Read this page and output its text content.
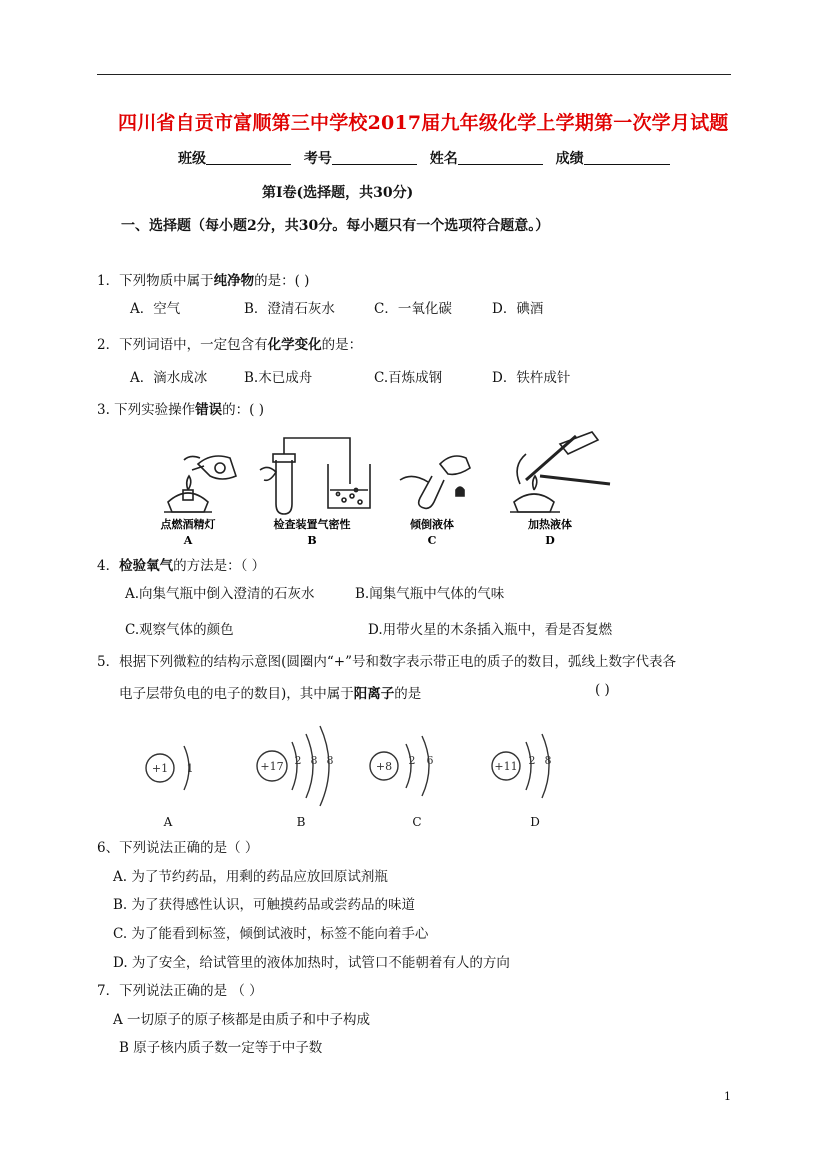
四川省自贡市富顺第三中学校2017届九年级化学上学期第一次学月试题
班级	考号	姓名	成绩
第Ⅰ卷(选择题，共30分)
一、选择题（每小题2分，共30分。每小题只有一个选项符合题意。）
1．下列物质中属于纯净物的是：( )
A．空气	B．澄清石灰水	C．一氧化碳	D．碘酒
2．下列词语中，一定包含有化学变化的是：
A．滴水成冰	B.木已成舟	C.百炼成钢	D．铁杵成针
3. 下列实验操作错误的：( )
点燃酒精灯
A
检查装置气密性
B
倾倒液体
C
加热液体
D
4．检验氧气的方法是：（ ）
A.向集气瓶中倒入澄清的石灰水	B.闻集气瓶中气体的气味
C.观察气体的颜色	D.用带火星的木条插入瓶中，看是否复燃
5．根据下列微粒的结构示意图(圆圈内“+”号和数字表示带正电的质子的数目，弧线上数字代表各
电子层带负电的电子的数目)，其中属于阳离子的是	( )
+1 1	+17 2 8 8	+8 2 6	+11 2 8
A	B	C	D
6、下列说法正确的是（ ）
A. 为了节约药品，用剩的药品应放回原试剂瓶
B. 为了获得感性认识，可触摸药品或尝药品的味道
C. 为了能看到标签，倾倒试液时，标签不能向着手心
D. 为了安全，给试管里的液体加热时，试管口不能朝着有人的方向
7．下列说法正确的是 （ ）
A 一切原子的原子核都是由质子和中子构成
B 原子核内质子数一定等于中子数
1
